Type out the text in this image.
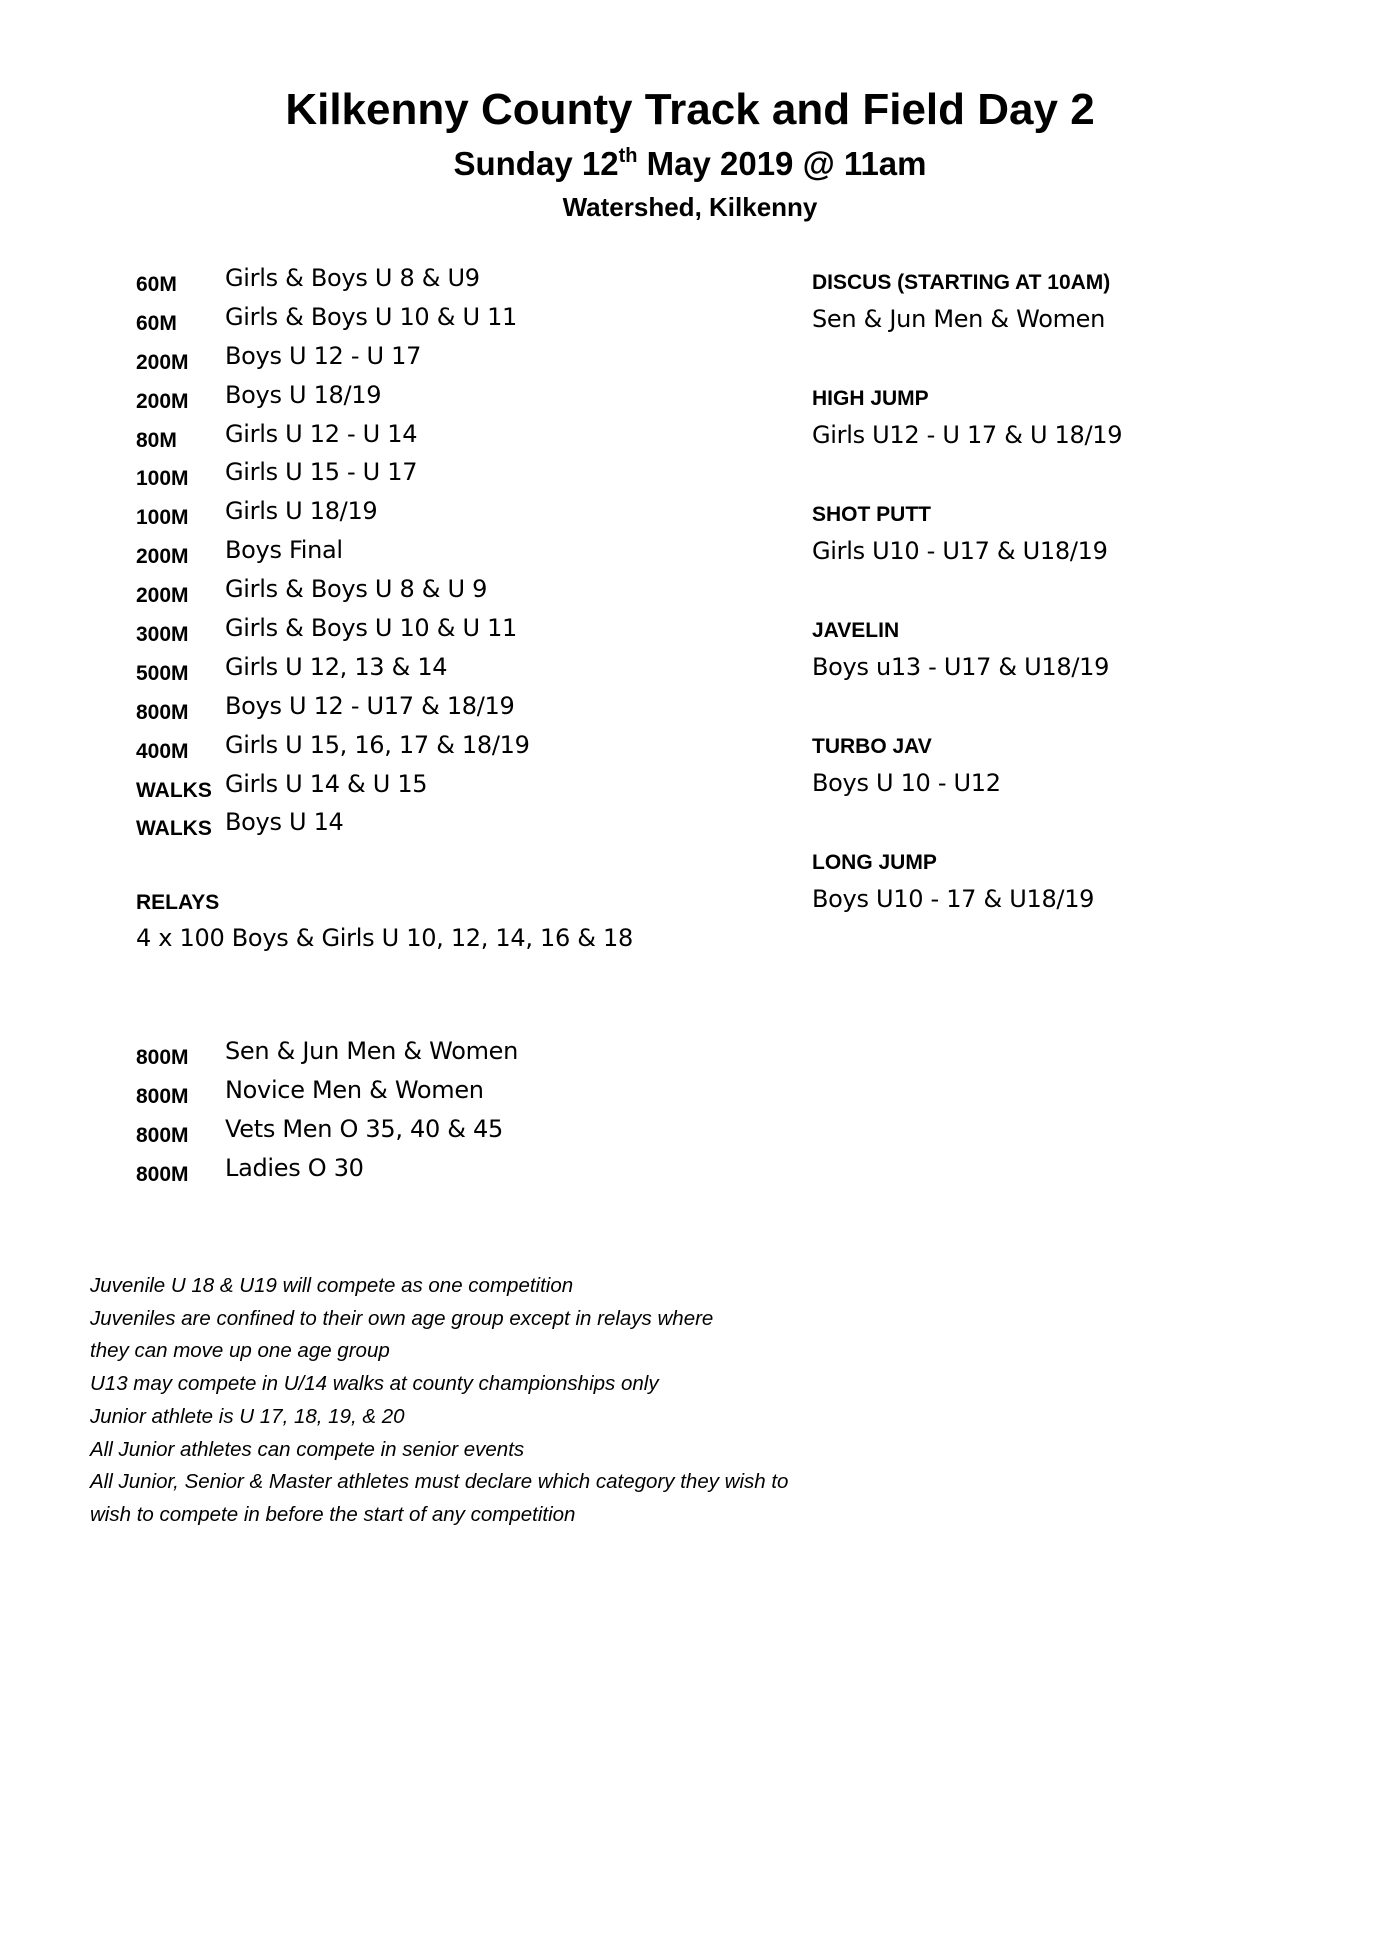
Kilkenny County Track and Field Day 2
Sunday 12th May 2019 @ 11am
Watershed, Kilkenny
60M	Girls & Boys U 8 & U9
60M	Girls & Boys U 10 & U 11
200M	Boys U 12 - U 17
200M	Boys U 18/19
80M	Girls U 12 - U 14
100M	Girls U 15 - U 17
100M	Girls U 18/19
200M	Boys Final
200M	Girls & Boys U 8 & U 9
300M	Girls & Boys U 10 & U 11
500M	Girls U 12, 13 & 14
800M	Boys U 12 - U17 & 18/19
400M	Girls U 15, 16, 17 & 18/19
WALKS Girls U 14 & U 15
WALKS Boys U 14
RELAYS
4 x 100 Boys & Girls U 10, 12, 14, 16 & 18
800M	Sen & Jun Men & Women
800M	Novice Men & Women
800M	Vets Men O 35, 40 & 45
800M	Ladies O 30
DISCUS (STARTING AT 10AM)
Sen & Jun Men & Women
HIGH JUMP
Girls U12 - U 17 & U 18/19
SHOT PUTT
Girls U10 - U17 & U18/19
JAVELIN
Boys u13 - U17 & U18/19
TURBO JAV
Boys U 10 - U12
LONG JUMP
Boys U10 - 17 & U18/19
Juvenile U 18 & U19 will compete as one competition
Juveniles are confined to their own age group except in relays where
they can move up one age group
U13 may compete in U/14 walks at county championships only
Junior athlete is U 17, 18, 19, & 20
All Junior athletes can compete in senior events
All Junior, Senior & Master athletes must declare which category they wish to
wish to compete in before the start of any competition
